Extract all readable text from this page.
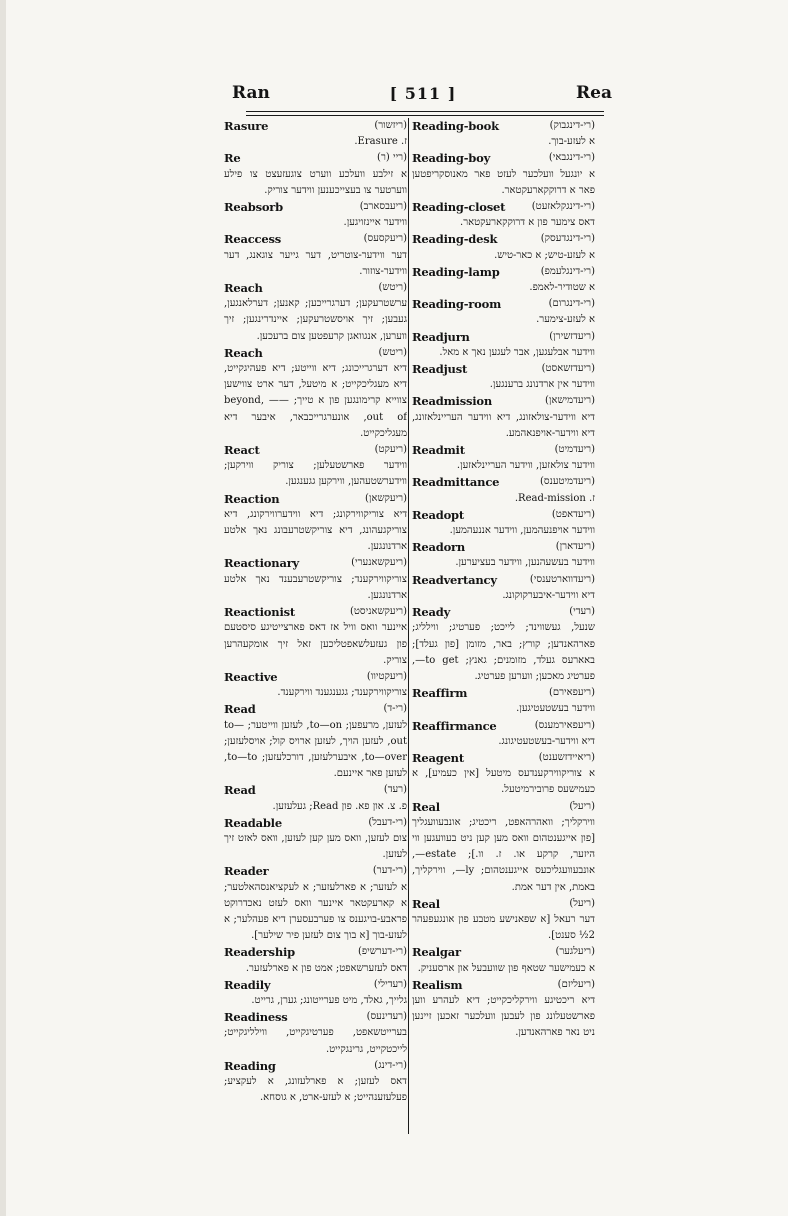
Ran	[ 511 ]	Rea
Rasure	(ריזשור)
ז. Erasure.
Re	(ריי (ר)
א זילבע וועלכע ווערט צוגעזעצט צו פילע ווערטער צו בעצייכענען ווידער צוריק.
Reabsorb	(ריעבסארב)
ווידער איינזויגען.
Reaccess	(ריעקסעס)
דער ווידער-צוטריט, דער גייער צוגאנג, דער ווידער-צוזור.
Reach	(ריטש)
ערשטרעקען; דערגרייכען; קאנען; דערלאנגען, געבען; זיך אויסשטרעקען; איינדרינגען; זיך ווערען, אנגוואגן קרעפטען צום ברעכען.
Reach	(ריטש)
דיא דערגרייכונג; דיא ווייטע; דיא פעהיגקייט, דיא מעגליכקייט; א מיטעל, דער ארט צווישען צווייא קרימונגען פון א טייך; —beyond, —out of, אונערגרייכבאר, איבער דיא מעגליכקייט.
React	(ריעקט)
ווידער פארשטעלען; צוריק ווירקען; ווידערשטעהען, ווירקען גגענגען.
Reaction	(ריעקשאן)
דיא צוריקווירקונג; דיא ווידערווירקונג, דיא צוריקגעהונג, דיא צוריקשטרעבונג נאך אלטע ארדנונגען.
Reactionary	(ריעקשאנערי)
צוריקווירקענד; צוריקשטרעבענד נאך אלטע ארדנונגען.
Reactionist	(ריעקשאניסט)
איינער וואס וויל אז דאס פארצייטיגע סיסטעם פון געזעלשאפטליכען זאל זיך אומקעהרען צוריק.
Reactive	(ריעקטיוו)
צוריקווירקענד; גגענגענד ווירקענד.
Read	(רי-ד)
לעזען, מרעפען; to—on, לעזען ווייטער; to—out, לעזען הויך, לעזען ארויס קול; אויסלעזען; to—over, איבערלעזען, דורכלעזען; to—to, לעזען פאר איינעם.
Read	(רעד)
פ. צ. און פא. פון Read; געלעזען.
Readable	(רי-דעבל)
צום לעזען, וואס מען קען לעזען, וואס לאזט זיך לעזען.
Reader	(רי-דער)
א לעזער; א פארלעזער; א לעקציאנסהאלטער; א קארעקטאר איינער וואס לעזט נאכדרוקט פראבע-בויגענס צו פערבעסערן דיא פעהלער; א לעזע-בוך [א בוך צום לעזען פיר שילער].
Readership	(רי-דערשיפ)
דאס לעזערשאפט; אמט פון א פארלעזער.
Readily	(רעדילי)
גלייך, גאלד, מיט פערייטונג; גערן, גרייט.
Readiness	(רעדינעס)
בערייטשאפט, פערטיגקייט, ווילליגקייט; לייכטקייט, גרינגקייט.
Reading	(רי-דינג)
דאס לעזען; א פארלעזונג, א לעקציע; פעלעזענהייט; א לעזע-ארט, א גוסחא.
Reading-book	(רי-דינגבוק)
א לעזע-בוך.
Reading-boy	(רי-דינגבאי)
א יונגעל וועלכער לעזט פאר מאנוסקריפטען פאר א דרוקקארעקטאר.
Reading-closet	(רי-דינגקלאזעט)
דאס צימער פון א דרוקקארעקטאר.
Reading-desk	(רי-דינגדעסק)
א לעזע-טיש; א כאר-טיש.
Reading-lamp	(רי-דינגלעמפ)
א שטודיר-לאמפ.
Reading-room	(רי-דינגרום)
א לעזע-צימער.
Readjurn	(ריעדזשירן)
ווידער אבלעגען, אבר לעגען נאך א מאל.
Readjust	(ריעדזשאסט)
ווידער אין ארדנונג ברענגען.
Readmission	(ריעדמישאן)
דיא ווידער-צולאזונג, דיא ווידער העריינלאזונג, דיא ווידער-אויפנאהמע.
Readmit	(ריעדמיט)
ווידער צולאזען, ווידער העריינלאזען.
Readmittance	(ריעדמיטענס)
ז. Read-mission.
Readopt	(ריעדאפט)
ווידער אויפנעהמען, ווידער אננעהמען.
Readorn	(ריעדארן)
ווידער בעשעהנען, ווידער בעציערען.
Readvertancy	(ריעדווארטענסי)
דיא ווידער-איבערקוקונג.
Ready	(רעדי)
שנעל, געשווינד; לייכט; פערטיג; ווילליג; פארהאנדען; קורץ; באר, מזומן [פון געלד]; באארעס געלד, מזומנים; גאנץ; to get—, פערטיג מאכען; ווערען פערטיג.
Reaffirm	(ריעפאירם)
ווידער בעשטעטיגען.
Reaffirmance	(ריעפאירמענס)
דיא ווידער-בעשטעטיגונג.
Reagent	(ריאיידזשענט)
א צוריקווירקענדעס מיטעל [אין כעמיע], א כעמישעס פרובירמיטעל.
Real	(ריעל)
ווירקליך; וואהרהאפט, ריכטיג; אונבעוועגליך [פון אייגענטהום וואס מען קען ניט בעוועגען ווי היזער, קרקע או. ז. וו.]; estate—, אונבעוועגליכעס אייגענטהום; ly—, ווירקליך, באמת, אין דער אמת.
Real	(ריעל)
דער רעאל [א שפאנישע מטבע פון אונגעפעהר 2½ סענט].
Realgar	(ריעלגער)
א כעמישער שטאף פון שוועבעל און ארסעניק.
Realism	(ריעליזם)
דיא ריכטיגע ווירקליכקייט; דיא לעהרע ווען פארשטעלונג פון לעבען וועלכער זאכען זיינען ניט נאר פארהאנדען.
